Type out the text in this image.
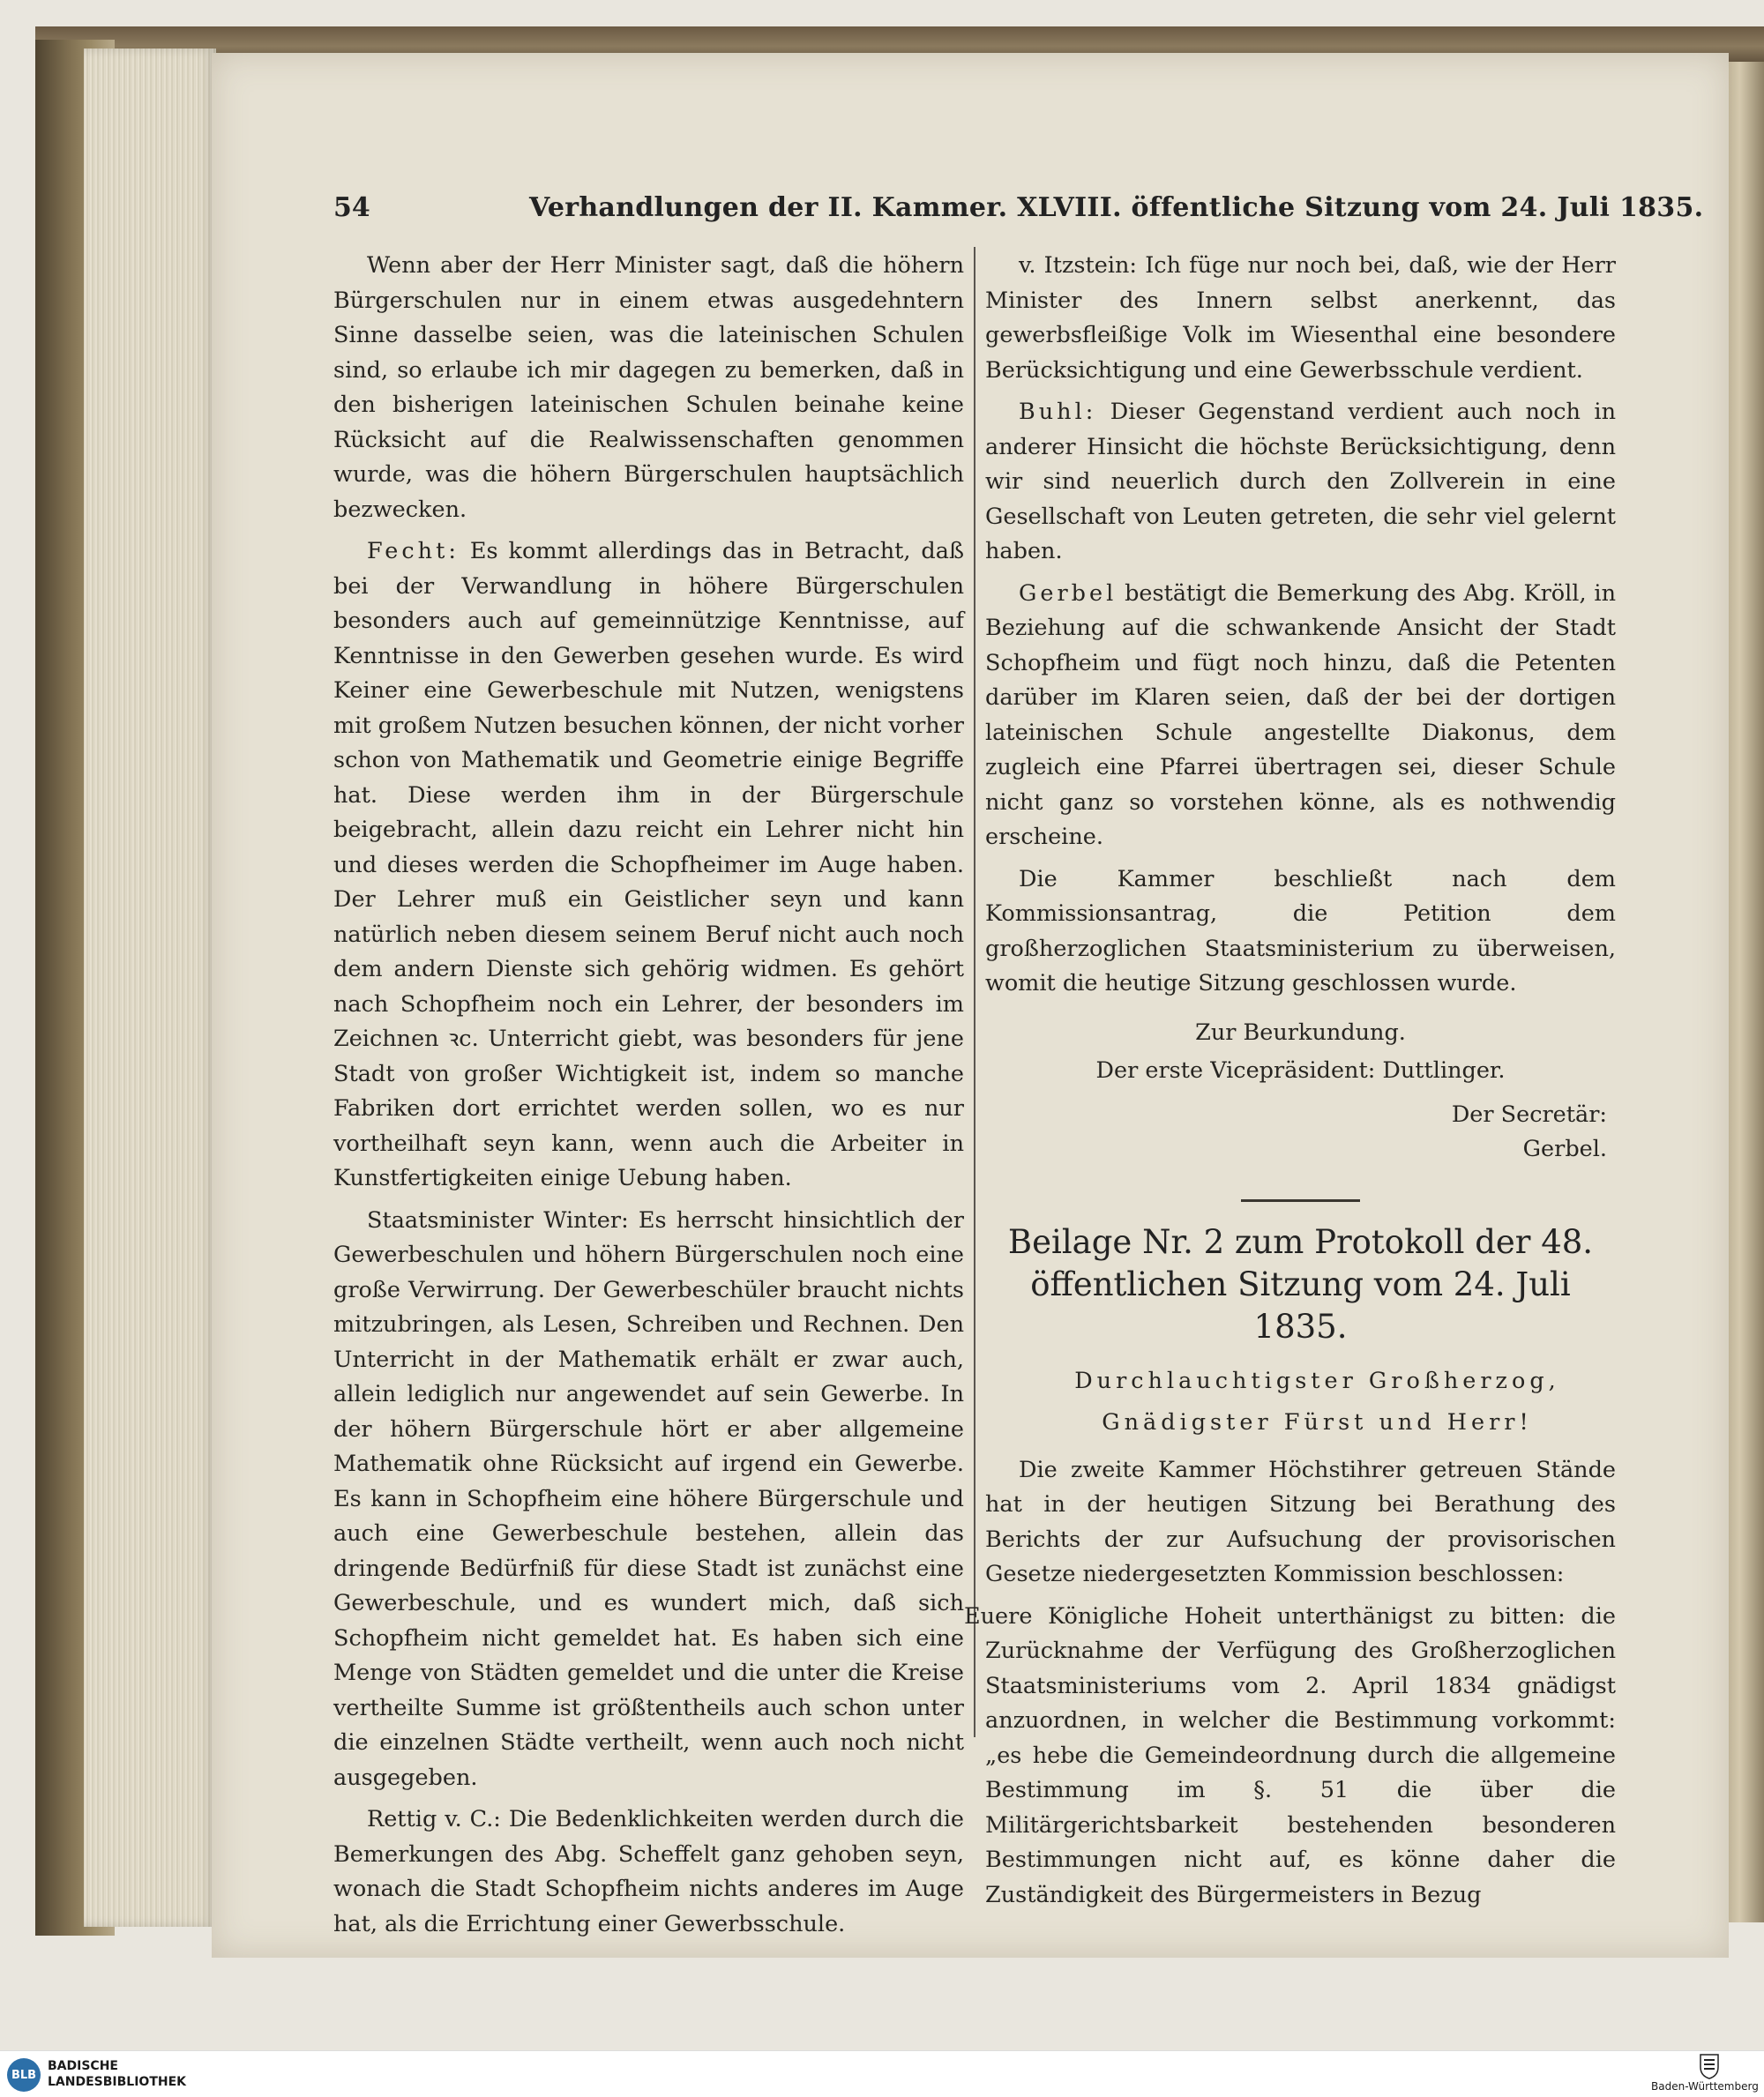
54	Verhandlungen der II. Kammer. XLVIII. öffentliche Sitzung vom 24. Juli 1835.

Wenn aber der Herr Minister sagt, daß die höhern Bürgerschulen nur in einem etwas ausgedehntern Sinne dasselbe seien, was die lateinischen Schulen sind, so erlaube ich mir dagegen zu bemerken, daß in den bisherigen lateinischen Schulen beinahe keine Rücksicht auf die Realwissenschaften genommen wurde, was die höhern Bürgerschulen hauptsächlich bezwecken.

Fecht: Es kommt allerdings das in Betracht, daß bei der Verwandlung in höhere Bürgerschulen besonders auch auf gemeinnützige Kenntnisse, auf Kenntnisse in den Gewerben gesehen wurde. Es wird Keiner eine Gewerbeschule mit Nutzen, wenigstens mit großem Nutzen besuchen können, der nicht vorher schon von Mathematik und Geometrie einige Begriffe hat. Diese werden ihm in der Bürgerschule beigebracht, allein dazu reicht ein Lehrer nicht hin und dieses werden die Schopfheimer im Auge haben. Der Lehrer muß ein Geistlicher seyn und kann natürlich neben diesem seinem Beruf nicht auch noch dem andern Dienste sich gehörig widmen. Es gehört nach Schopfheim noch ein Lehrer, der besonders im Zeichnen ꝛc. Unterricht giebt, was besonders für jene Stadt von großer Wichtigkeit ist, indem so manche Fabriken dort errichtet werden sollen, wo es nur vortheilhaft seyn kann, wenn auch die Arbeiter in Kunstfertigkeiten einige Uebung haben.

Staatsminister Winter: Es herrscht hinsichtlich der Gewerbeschulen und höhern Bürgerschulen noch eine große Verwirrung. Der Gewerbeschüler braucht nichts mitzubringen, als Lesen, Schreiben und Rechnen. Den Unterricht in der Mathematik erhält er zwar auch, allein lediglich nur angewendet auf sein Gewerbe. In der höhern Bürgerschule hört er aber allgemeine Mathematik ohne Rücksicht auf irgend ein Gewerbe. Es kann in Schopfheim eine höhere Bürgerschule und auch eine Gewerbeschule bestehen, allein das dringende Bedürfniß für diese Stadt ist zunächst eine Gewerbeschule, und es wundert mich, daß sich Schopfheim nicht gemeldet hat. Es haben sich eine Menge von Städten gemeldet und die unter die Kreise vertheilte Summe ist größtentheils auch schon unter die einzelnen Städte vertheilt, wenn auch noch nicht ausgegeben.

Rettig v. C.: Die Bedenklichkeiten werden durch die Bemerkungen des Abg. Scheffelt ganz gehoben seyn, wonach die Stadt Schopfheim nichts anderes im Auge hat, als die Errichtung einer Gewerbsschule.

v. Itzstein: Ich füge nur noch bei, daß, wie der Herr Minister des Innern selbst anerkennt, das gewerbsfleißige Volk im Wiesenthal eine besondere Berücksichtigung und eine Gewerbsschule verdient.

Buhl: Dieser Gegenstand verdient auch noch in anderer Hinsicht die höchste Berücksichtigung, denn wir sind neuerlich durch den Zollverein in eine Gesellschaft von Leuten getreten, die sehr viel gelernt haben.

Gerbel bestätigt die Bemerkung des Abg. Kröll, in Beziehung auf die schwankende Ansicht der Stadt Schopfheim und fügt noch hinzu, daß die Petenten darüber im Klaren seien, daß der bei der dortigen lateinischen Schule angestellte Diakonus, dem zugleich eine Pfarrei übertragen sei, dieser Schule nicht ganz so vorstehen könne, als es nothwendig erscheine.

Die Kammer beschließt nach dem Kommissionsantrag, die Petition dem großherzoglichen Staatsministerium zu überweisen, womit die heutige Sitzung geschlossen wurde.

Zur Beurkundung.
Der erste Vicepräsident: Duttlinger.
Der Secretär:
Gerbel.
Beilage Nr. 2 zum Protokoll der 48. öffentlichen Sitzung vom 24. Juli 1835.

Durchlauchtigster Großherzog,

Gnädigster Fürst und Herr!

Die zweite Kammer Höchstihrer getreuen Stände hat in der heutigen Sitzung bei Berathung des Berichts der zur Aufsuchung der provisorischen Gesetze niedergesetzten Kommission beschlossen:

Euere Königliche Hoheit unterthänigst zu bitten: die Zurücknahme der Verfügung des Großherzoglichen Staatsministeriums vom 2. April 1834 gnädigst anzuordnen, in welcher die Bestimmung vorkommt: „es hebe die Gemeindeordnung durch die allgemeine Bestimmung im §. 51 die über die Militärgerichtsbarkeit bestehenden besonderen Bestimmungen nicht auf, es könne daher die Zuständigkeit des Bürgermeisters in Bezug

BLB
BADISCHE
LANDESBIBLIOTHEK	Baden-Württemberg
